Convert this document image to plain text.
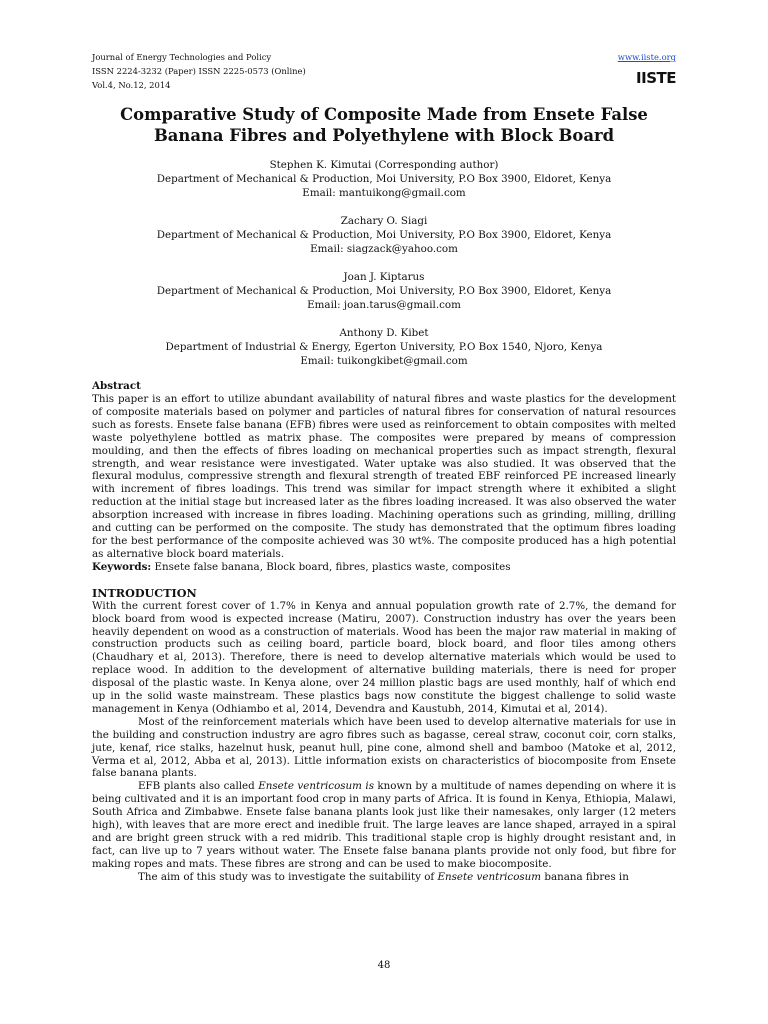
Journal of Energy Technologies and Policy
ISSN 2224-3232 (Paper) ISSN 2225-0573 (Online)
Vol.4, No.12, 2014
www.iiste.org
IISTE
Comparative Study of Composite Made from Ensete False Banana Fibres and Polyethylene with Block Board
Stephen K. Kimutai (Corresponding author)
Department of Mechanical & Production, Moi University, P.O Box 3900, Eldoret, Kenya
Email: mantuikong@gmail.com
Zachary O. Siagi
Department of Mechanical & Production, Moi University, P.O Box 3900, Eldoret, Kenya
Email: siagzack@yahoo.com
Joan J. Kiptarus
Department of Mechanical & Production, Moi University, P.O Box 3900, Eldoret, Kenya
Email: joan.tarus@gmail.com
Anthony D. Kibet
Department of Industrial & Energy, Egerton University, P.O Box 1540, Njoro, Kenya
Email: tuikongkibet@gmail.com
Abstract

This paper is an effort to utilize abundant availability of natural fibres and waste plastics for the development of composite materials based on polymer and particles of natural fibres for conservation of natural resources such as forests. Ensete false banana (EFB) fibres were used as reinforcement to obtain composites with melted waste polyethylene bottled as matrix phase. The composites were prepared by means of compression moulding, and then the effects of fibres loading on mechanical properties such as impact strength, flexural strength, and wear resistance were investigated. Water uptake was also studied. It was observed that the flexural modulus, compressive strength and flexural strength of treated EBF reinforced PE increased linearly with increment of fibres loadings. This trend was similar for impact strength where it exhibited a slight reduction at the initial stage but increased later as the fibres loading increased. It was also observed the water absorption increased with increase in fibres loading. Machining operations such as grinding, milling, drilling and cutting can be performed on the composite. The study has demonstrated that the optimum fibres loading for the best performance of the composite achieved was 30 wt%. The composite produced has a high potential as alternative block board materials.

Keywords: Ensete false banana, Block board, fibres, plastics waste, composites

INTRODUCTION

With the current forest cover of 1.7% in Kenya and annual population growth rate of 2.7%, the demand for block board from wood is expected increase (Matiru, 2007). Construction industry has over the years been heavily dependent on wood as a construction of materials. Wood has been the major raw material in making of construction products such as ceiling board, particle board, block board, and floor tiles among others (Chaudhary et al, 2013). Therefore, there is need to develop alternative materials which would be used to replace wood. In addition to the development of alternative building materials, there is need for proper disposal of the plastic waste. In Kenya alone, over 24 million plastic bags are used monthly, half of which end up in the solid waste mainstream. These plastics bags now constitute the biggest challenge to solid waste management in Kenya (Odhiambo et al, 2014, Devendra and Kaustubh, 2014, Kimutai et al, 2014).

Most of the reinforcement materials which have been used to develop alternative materials for use in the building and construction industry are agro fibres such as bagasse, cereal straw, coconut coir, corn stalks, jute, kenaf, rice stalks, hazelnut husk, peanut hull, pine cone, almond shell and bamboo (Matoke et al, 2012, Verma et al, 2012, Abba et al, 2013). Little information exists on characteristics of biocomposite from Ensete false banana plants.

EFB plants also called Ensete ventricosum is known by a multitude of names depending on where it is being cultivated and it is an important food crop in many parts of Africa. It is found in Kenya, Ethiopia, Malawi, South Africa and Zimbabwe. Ensete false banana plants look just like their namesakes, only larger (12 meters high), with leaves that are more erect and inedible fruit. The large leaves are lance shaped, arrayed in a spiral and are bright green struck with a red midrib. This traditional staple crop is highly drought resistant and, in fact, can live up to 7 years without water. The Ensete false banana plants provide not only food, but fibre for making ropes and mats. These fibres are strong and can be used to make biocomposite.

The aim of this study was to investigate the suitability of Ensete ventricosum banana fibres in

48
